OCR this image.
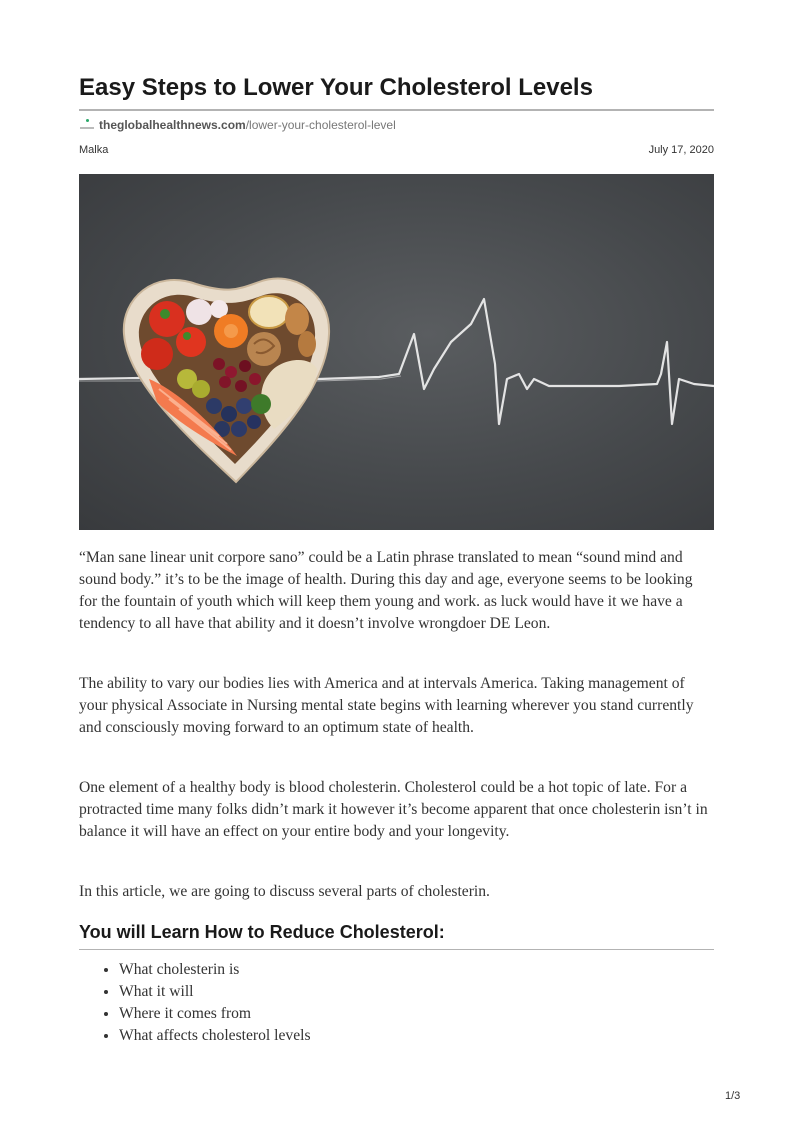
Easy Steps to Lower Your Cholesterol Levels
theglobalhealthnews.com /lower-your-cholesterol-level
Malka	July 17, 2020

“Man sane linear unit corpore sano” could be a Latin phrase translated to mean “sound mind and sound body.” it’s to be the image of health. During this day and age, everyone seems to be looking for the fountain of youth which will keep them young and work. as luck would have it we have a tendency to all have that ability and it doesn’t involve wrongdoer DE Leon.

The ability to vary our bodies lies with America and at intervals America. Taking management of your physical Associate in Nursing mental state begins with learning wherever you stand currently and consciously moving forward to an optimum state of health.

One element of a healthy body is blood cholesterin. Cholesterol could be a hot topic of late. For a protracted time many folks didn’t mark it however it’s become apparent that once cholesterin isn’t in balance it will have an effect on your entire body and your longevity.

In this article, we are going to discuss several parts of cholesterin.

You will Learn How to Reduce Cholesterol:
• What cholesterin is
• What it will
• Where it comes from
• What affects cholesterol levels
1/3
